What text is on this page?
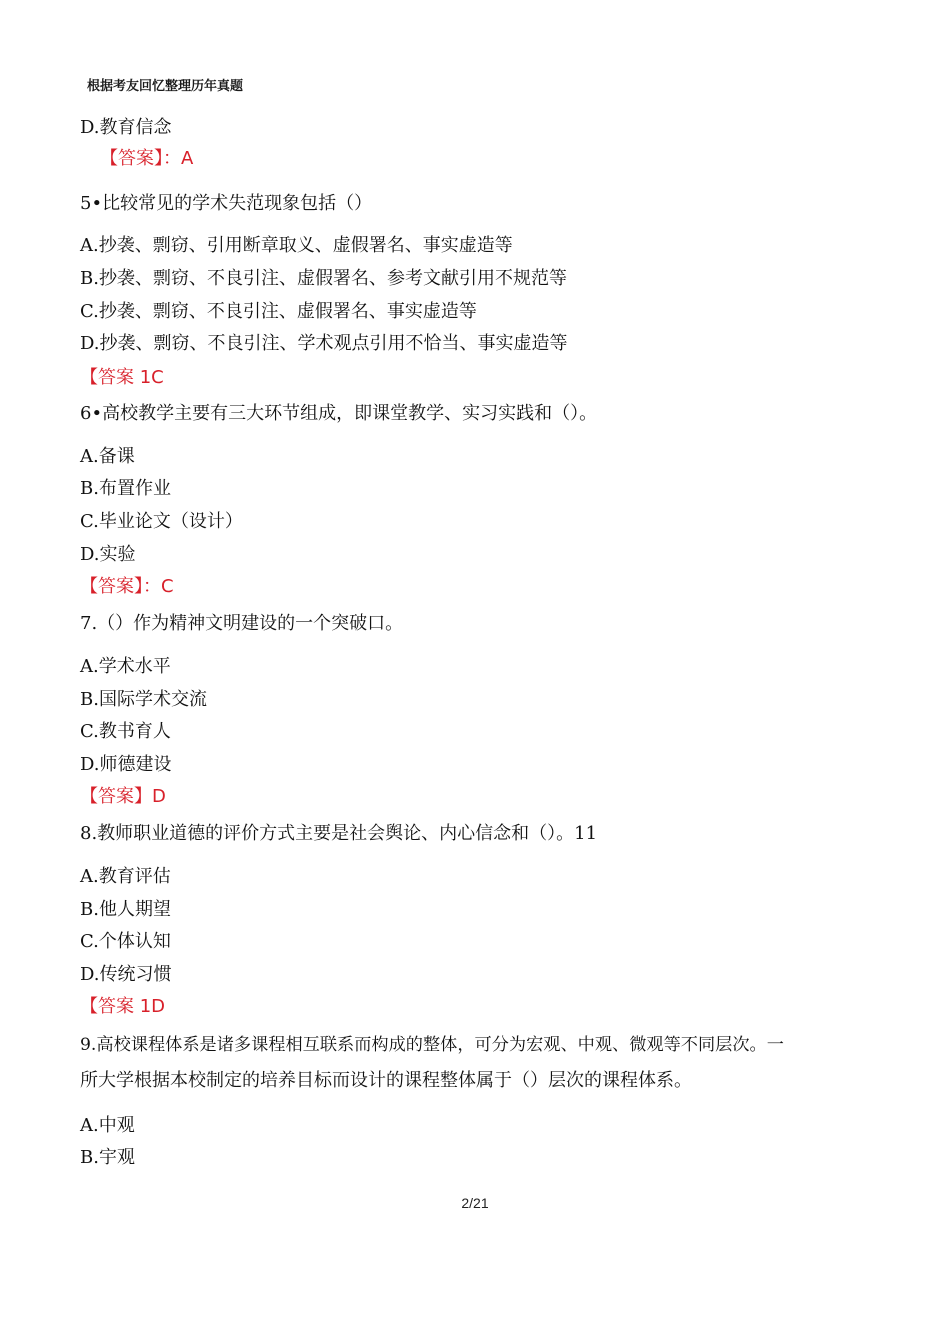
根据考友回忆整理历年真题
D.教育信念
【答案】：A
5•比较常见的学术失范现象包括（）
A.抄袭、剽窃、引用断章取义、虚假署名、事实虚造等
B.抄袭、剽窃、不良引注、虚假署名、参考文献引用不规范等
C.抄袭、剽窃、不良引注、虚假署名、事实虚造等
D.抄袭、剽窃、不良引注、学术观点引用不恰当、事实虚造等
【答案 1C
6•高校教学主要有三大环节组成，即课堂教学、实习实践和（）。
A.备课
B.布置作业
C.毕业论文（设计）
D.实验
【答案】：C
7.（）作为精神文明建设的一个突破口。
A.学术水平
B.国际学术交流
C.教书育人
D.师德建设
【答案】D
8.教师职业道德的评价方式主要是社会舆论、内心信念和（）。11
A.教育评估
B.他人期望
C.个体认知
D.传统习惯
【答案 1D
9.高校课程体系是诸多课程相互联系而构成的整体，可分为宏观、中观、微观等不同层次。一
所大学根据本校制定的培养目标而设计的课程整体属于（）层次的课程体系。
A.中观
B.宇观
2/21
